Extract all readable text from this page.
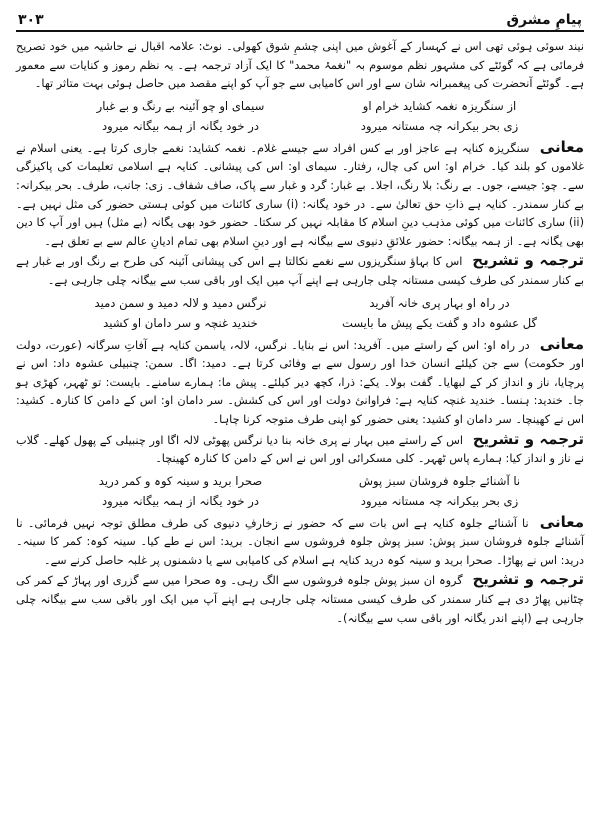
۳۰۳	پیامِ مشرق

نیند سوئی ہوئی تھی اس نے کہسار کے آغوش میں اپنی چشمِ شوق کھولی۔ نوٹ: علامہ اقبال نے حاشیہ میں خود تصریح فرمائی ہے کہ گوئٹے کی مشہور نظم موسوم بہ "نغمۂ محمد" کا ایک آزاد ترجمہ ہے۔ یہ نظم رموز و کنایات سے معمور ہے۔ گوئٹے آنحضرت کی پیغمبرانہ شان سے اور اس کامیابی سے جو آپ کو اپنے مقصد میں حاصل ہوئی بہت متاثر تھا۔

از سنگریزہ نغمہ کشاید خرام او
سیمای او چو آئینہ بے رنگ و بے غبار
زی بحر بیکرانہ چہ مستانہ میرود
در خود یگانہ از ہمہ بیگانہ میرود

معانی سنگریزہ کنایہ ہے عاجز اور بے کس افراد سے جیسے غلام۔ نغمہ کشاید: نغمے جاری کرتا ہے۔ یعنی اسلام نے غلاموں کو بلند کیا۔ خرام او: اس کی چال، رفتار۔ سیمای او: اس کی پیشانی۔ کنایہ ہے اسلامی تعلیمات کی پاکیزگی سے۔ چو: جیسے، جوں۔ بے رنگ: بلا رنگ، اجلا۔ بے غبار: گرد و غبار سے پاک، صاف شفاف۔ زی: جانب، طرف۔ بحر بیکرانہ: بے کنار سمندر۔ کنایہ ہے ذاتِ حق تعالیٰ سے۔ در خود یگانہ: (i) ساری کائنات میں کوئی ہستی حضور کی مثل نہیں ہے۔ (ii) ساری کائنات میں کوئی مذہب دینِ اسلام کا مقابلہ نہیں کر سکتا۔ حضور خود بھی یگانہ (بے مثل) ہیں اور آپ کا دین بھی یگانہ ہے۔ از ہمہ بیگانہ: حضور علائقِ دنیوی سے بیگانہ ہے اور دینِ اسلام بھی تمام ادیانِ عالم سے بے تعلق ہے۔

ترجمہ و تشریح اس کا بہاؤ سنگریزوں سے نغمے نکالتا ہے اس کی پیشانی آئینہ کی طرح بے رنگ اور بے غبار ہے بے کنار سمندر کی طرف کیسی مستانہ چلی جارہی ہے اپنے آپ میں ایک اور باقی سب سے بیگانہ چلی جارہی ہے۔

در راہ او بہار پری خانہ آفرید
نرگس دمید و لالہ دمید و سمن دمید
گل عشوہ داد و گفت یکے پیش ما بایست
خندید غنچہ و سر دامان او کشید

معانی در راہ او: اس کے راستے میں۔ آفرید: اس نے بنایا۔ نرگس، لالہ، یاسمن کنایہ ہے آفاتِ سرگانہ (عورت، دولت اور حکومت) سے جن کیلئے انسان خدا اور رسول سے بے وفائی کرتا ہے۔ دمید: اگا۔ سمن: چنبیلی عشوہ داد: اس نے پرچایا، ناز و انداز کر کے لبھایا۔ گفت بولا۔ یکے: ذرا، کچھ دیر کیلئے۔ پیش ما: ہمارے سامنے۔ بایست: تو ٹھہر، کھڑی ہو جا۔ خندید: ہنسا۔ خندید غنچہ کنایہ ہے: فراوانیٔ دولت اور اس کی کشش۔ سر دامان او: اس کے دامن کا کنارہ۔ کشید: اس نے کھینچا۔ سر دامان او کشید: یعنی حضور کو اپنی طرف متوجہ کرنا چاہا۔

ترجمہ و تشریح اس کے راستے میں بہار نے پری خانہ بنا دیا نرگس پھوٹی لالہ اگا اور چنبیلی کے پھول کھلے۔ گلاب نے ناز و انداز کیا: ہمارے پاس ٹھہر۔ کلی مسکرائی اور اس نے اس کے دامن کا کنارہ کھینچا۔

نا آشنائے جلوہ فروشان سبز پوش
صحرا برید و سینہ کوہ و کمر درید
زی بحر بیکرانہ چہ مستانہ میرود
در خود یگانہ از ہمہ بیگانہ میرود

معانی نا آشنائے جلوہ کنایہ ہے اس بات سے کہ حضور نے زخارفِ دنیوی کی طرف مطلق توجہ نہیں فرمائی۔ نا آشنائے جلوہ فروشان سبز پوش: سبز پوش جلوہ فروشوں سے انجان۔ برید: اس نے طے کیا۔ سینہ کوہ: کمر کا سینہ۔ درید: اس نے پھاڑا۔ صحرا برید و سینہ کوہ درید کنایہ ہے اسلام کی کامیابی سے یا دشمنوں پر غلبہ حاصل کرنے سے۔

ترجمہ و تشریح گروہ ان سبز پوش جلوہ فروشوں سے الگ رہی۔ وہ صحرا میں سے گزری اور پہاڑ کے کمر کی چٹانیں پھاڑ دی ہے کنار سمندر کی طرف کیسی مستانہ چلی جارہی ہے اپنے آپ میں ایک اور باقی سب سے بیگانہ چلی جارہی ہے (اپنے اندر یگانہ اور باقی سب سے بیگانہ)۔
